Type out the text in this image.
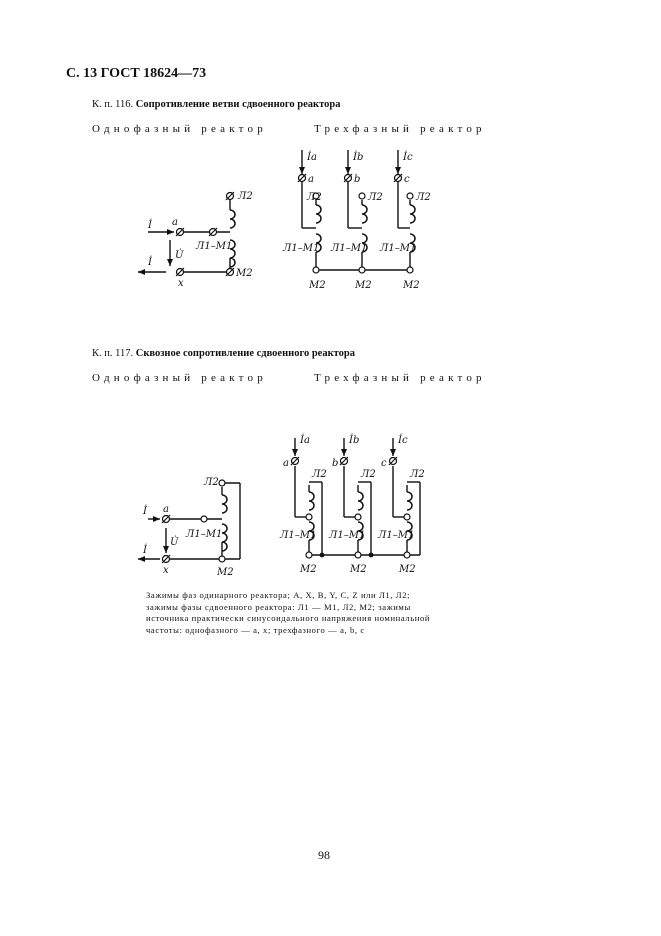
С. 13 ГОСТ 18624—73
К. п. 116. Сопротивление ветви сдвоенного реактора
Однофазный реактор	Трехфазный реактор
К. п. 117. Сквозное сопротивление сдвоенного реактора
Однофазный реактор	Трехфазный реактор
İ a
U̇
İ
x
Л2
Л1–М1
М2
İa	İb	İc
a	b	c
Л2	Л2	Л2
Л1–М1 Л1–М1 Л1–М1
М2	М2	М2
İ a
U̇
İ
x
Л2
Л1–М1
М2
İa	İb	İc
a	b	c
Л2	Л2	Л2
Л1–М1 Л1–М1 Л1–М1
М2	М2	М2
Зажимы фаз одинарного реактора; A, X, B, Y, C, Z или Л1, Л2; зажимы фазы сдвоенного реактора: Л1 — М1, Л2, М2; зажимы источника практически синусоидального напряжения номинальной частоты: однофазного — a, x; трехфазного — a, b, c
98
